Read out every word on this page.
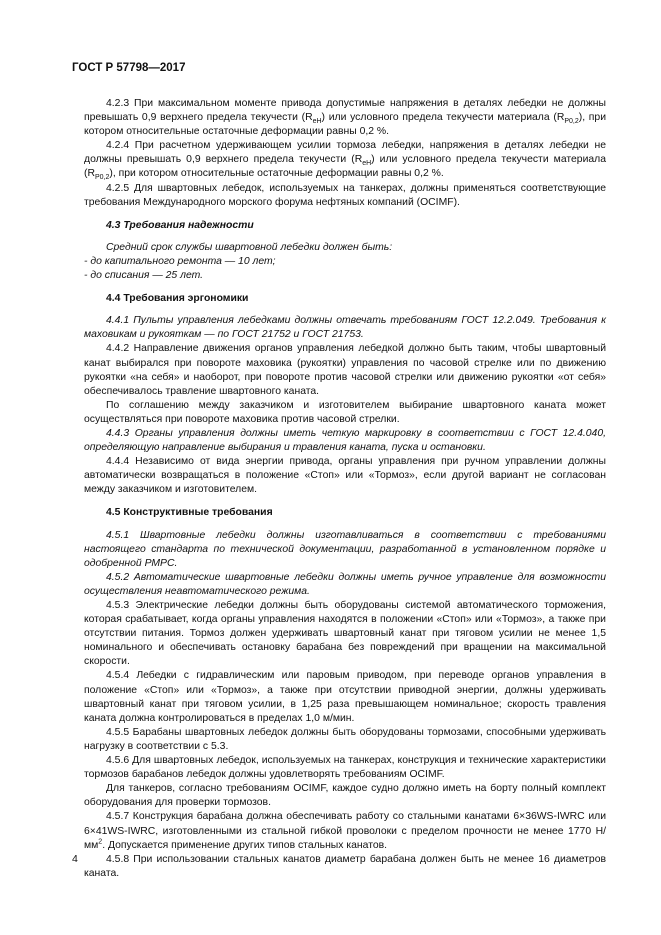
ГОСТ Р 57798—2017

4.2.3 При максимальном моменте привода допустимые напряжения в деталях лебедки не должны превышать 0,9 верхнего предела текучести $(R_{eH})$ или условного предела текучести материала $(R_{P0,2})$, при котором относительные остаточные деформации равны 0,2 %.

4.2.4 При расчетном удерживающем усилии тормоза лебедки, напряжения в деталях лебедки не должны превышать 0,9 верхнего предела текучести $(R_{eH})$ или условного предела текучести материала $(R_{P0,2})$, при котором относительные остаточные деформации равны 0,2 %.

4.2.5 Для швартовных лебедок, используемых на танкерах, должны применяться соответствующие требования Международного морского форума нефтяных компаний (OCIMF).

4.3 Требования надежности

Средний срок службы швартовной лебедки должен быть:

- до капитального ремонта — 10 лет;

- до списания — 25 лет.

4.4 Требования эргономики

4.4.1 Пульты управления лебедками должны отвечать требованиям ГОСТ 12.2.049. Требования к маховикам и рукояткам — по ГОСТ 21752 и ГОСТ 21753.

4.4.2 Направление движения органов управления лебедкой должно быть таким, чтобы швартовный канат выбирался при повороте маховика (рукоятки) управления по часовой стрелке или по движению рукоятки «на себя» и наоборот, при повороте против часовой стрелки или движению рукоятки «от себя» обеспечивалось травление швартовного каната.

По соглашению между заказчиком и изготовителем выбирание швартовного каната может осуществляться при повороте маховика против часовой стрелки.

4.4.3 Органы управления должны иметь четкую маркировку в соответствии с ГОСТ 12.4.040, определяющую направление выбирания и травления каната, пуска и остановки.

4.4.4 Независимо от вида энергии привода, органы управления при ручном управлении должны автоматически возвращаться в положение «Стоп» или «Тормоз», если другой вариант не согласован между заказчиком и изготовителем.

4.5 Конструктивные требования

4.5.1 Швартовные лебедки должны изготавливаться в соответствии с требованиями настоящего стандарта по технической документации, разработанной в установленном порядке и одобренной РМРС.

4.5.2 Автоматические швартовные лебедки должны иметь ручное управление для возможности осуществления неавтоматического режима.

4.5.3 Электрические лебедки должны быть оборудованы системой автоматического торможения, которая срабатывает, когда органы управления находятся в положении «Стоп» или «Тормоз», а также при отсутствии питания. Тормоз должен удерживать швартовный канат при тяговом усилии не менее 1,5 номинального и обеспечивать остановку барабана без повреждений при вращении на максимальной скорости.

4.5.4 Лебедки с гидравлическим или паровым приводом, при переводе органов управления в положение «Стоп» или «Тормоз», а также при отсутствии приводной энергии, должны удерживать швартовный канат при тяговом усилии, в 1,25 раза превышающем номинальное; скорость травления каната должна контролироваться в пределах 1,0 м/мин.

4.5.5 Барабаны швартовных лебедок должны быть оборудованы тормозами, способными удерживать нагрузку в соответствии с 5.3.

4.5.6 Для швартовных лебедок, используемых на танкерах, конструкция и технические характеристики тормозов барабанов лебедок должны удовлетворять требованиям OCIMF.

Для танкеров, согласно требованиям OCIMF, каждое судно должно иметь на борту полный комплект оборудования для проверки тормозов.

4.5.7 Конструкция барабана должна обеспечивать работу со стальными канатами 6×36WS-IWRC или 6×41WS-IWRC, изготовленными из стальной гибкой проволоки с пределом прочности не менее 1770 $Н/мм^2$. Допускается применение других типов стальных канатов.

4.5.8 При использовании стальных канатов диаметр барабана должен быть не менее 16 диаметров каната.

4
